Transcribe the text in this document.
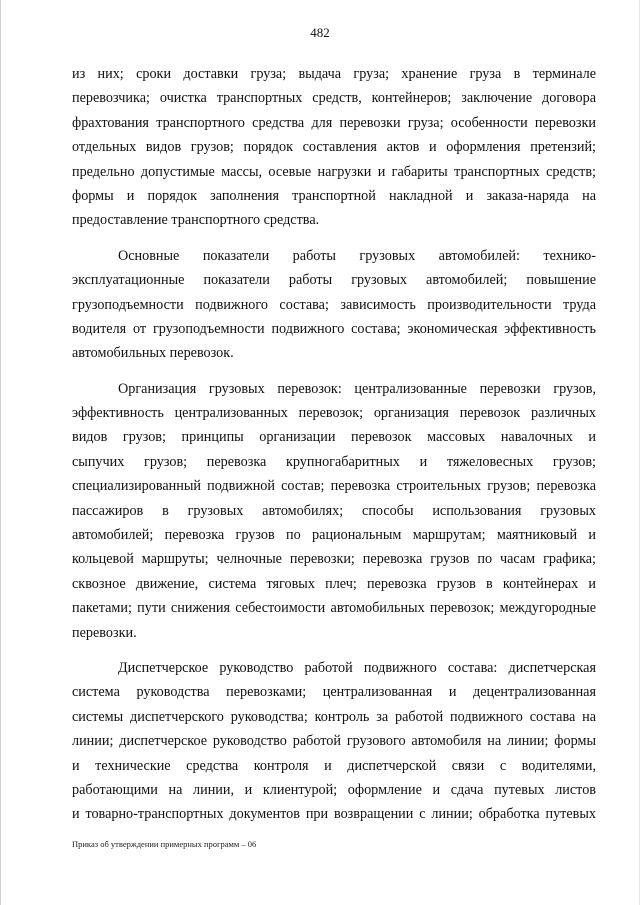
482
из них; сроки доставки груза; выдача груза; хранение груза в терминале
перевозчика; очистка транспортных средств, контейнеров; заключение договора
фрахтования транспортного средства для перевозки груза; особенности перевозки
отдельных видов грузов; порядок составления актов и оформления претензий;
предельно допустимые массы, осевые нагрузки и габариты транспортных средств;
формы и порядок заполнения транспортной накладной и заказа-наряда на
предоставление транспортного средства.
Основные показатели работы грузовых автомобилей: технико-
эксплуатационные показатели работы грузовых автомобилей; повышение
грузоподъемности подвижного состава; зависимость производительности труда
водителя от грузоподъемности подвижного состава; экономическая эффективность
автомобильных перевозок.
Организация грузовых перевозок: централизованные перевозки грузов,
эффективность централизованных перевозок; организация перевозок различных
видов грузов; принципы организации перевозок массовых навалочных и
сыпучих грузов; перевозка крупногабаритных и тяжеловесных грузов;
специализированный подвижной состав; перевозка строительных грузов; перевозка
пассажиров в грузовых автомобилях; способы использования грузовых
автомобилей; перевозка грузов по рациональным маршрутам; маятниковый и
кольцевой маршруты; челночные перевозки; перевозка грузов по часам графика;
сквозное движение, система тяговых плеч; перевозка грузов в контейнерах и
пакетами; пути снижения себестоимости автомобильных перевозок; междугородные
перевозки.
Диспетчерское руководство работой подвижного состава: диспетчерская
система руководства перевозками; централизованная и децентрализованная
системы диспетчерского руководства; контроль за работой подвижного состава на
линии; диспетчерское руководство работой грузового автомобиля на линии; формы
и технические средства контроля и диспетчерской связи с водителями,
работающими на линии, и клиентурой; оформление и сдача путевых листов
и товарно-транспортных документов при возвращении с линии; обработка путевых
Приказ об утверждении примерных программ – 06
